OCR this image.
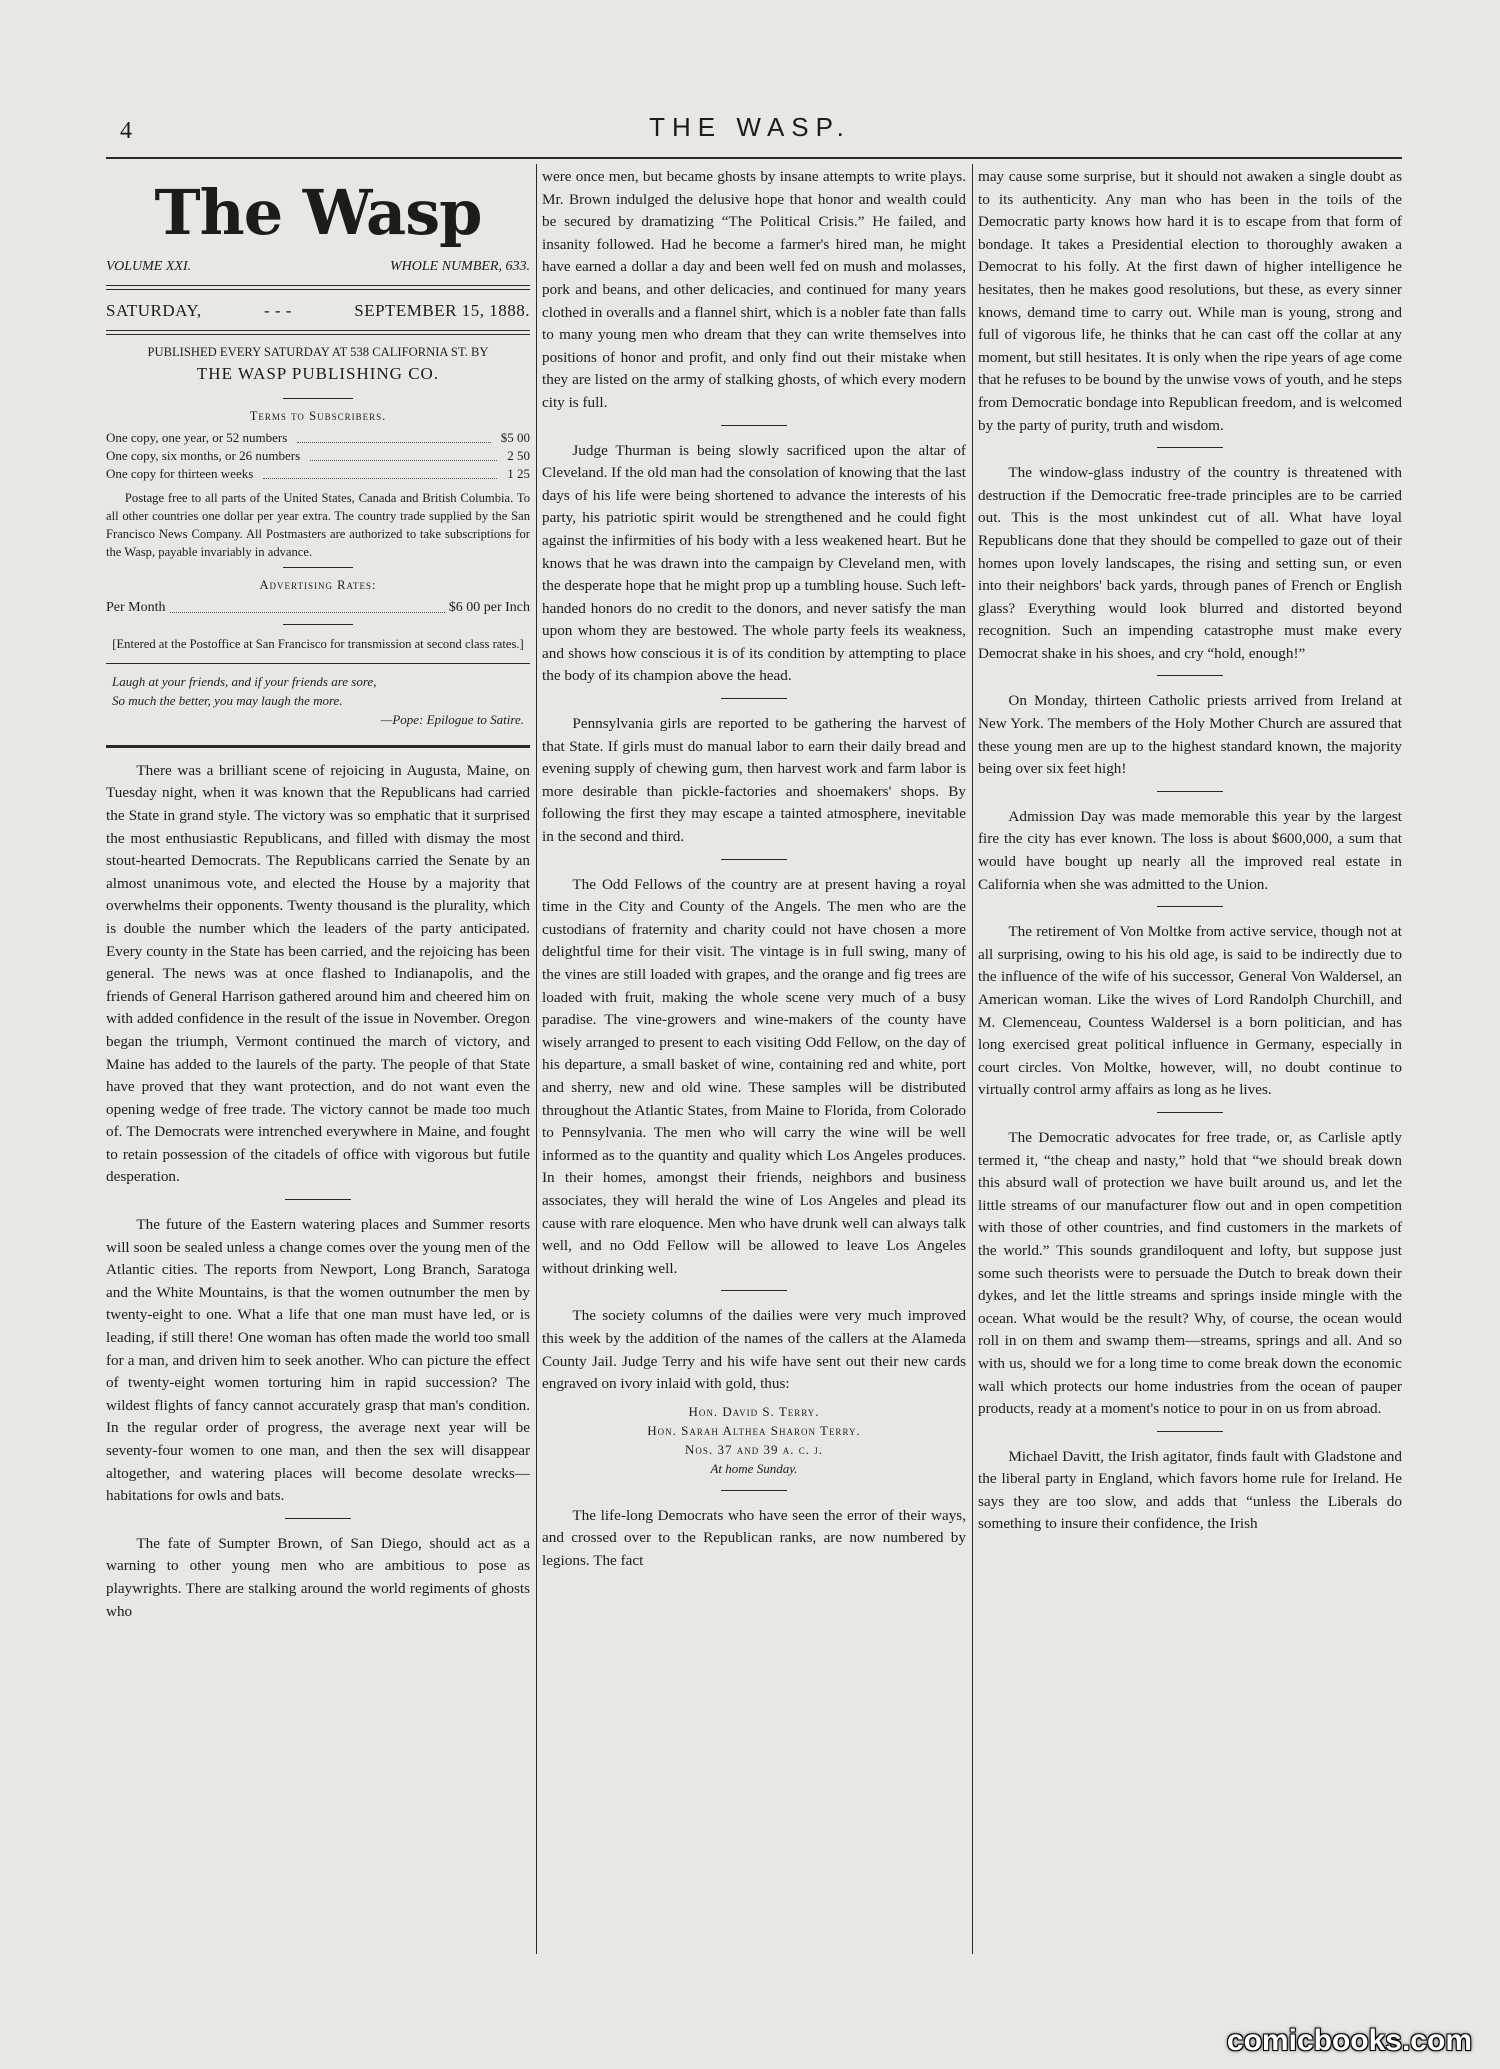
4	THE WASP.
The Wasp
VOLUME XXI.	WHOLE NUMBER, 633.
SATURDAY,	- - -	SEPTEMBER 15, 1888.
PUBLISHED EVERY SATURDAY AT 538 CALIFORNIA ST. BY
THE WASP PUBLISHING CO.
Terms to Subscribers.
One copy, one year, or 52 numbers	$5 00
One copy, six months, or 26 numbers	2 50
One copy for thirteen weeks	1 25
Postage free to all parts of the United States, Canada and British Columbia. To all other countries one dollar per year extra. The country trade supplied by the San Francisco News Company. All Postmasters are authorized to take subscriptions for the Wasp, payable invariably in advance.
Advertising Rates:
Per Month	$6 00 per Inch
[Entered at the Postoffice at San Francisco for transmission at second class rates.]
Laugh at your friends, and if your friends are sore,
So much the better, you may laugh the more.
—Pope: Epilogue to Satire.

There was a brilliant scene of rejoicing in Augusta, Maine, on Tuesday night, when it was known that the Republicans had carried the State in grand style. The victory was so emphatic that it surprised the most enthusiastic Republicans, and filled with dismay the most stout-hearted Democrats. The Republicans carried the Senate by an almost unanimous vote, and elected the House by a majority that overwhelms their opponents. Twenty thousand is the plurality, which is double the number which the leaders of the party anticipated. Every county in the State has been carried, and the rejoicing has been general. The news was at once flashed to Indianapolis, and the friends of General Harrison gathered around him and cheered him on with added confidence in the result of the issue in November. Oregon began the triumph, Vermont continued the march of victory, and Maine has added to the laurels of the party. The people of that State have proved that they want protection, and do not want even the opening wedge of free trade. The victory cannot be made too much of. The Democrats were intrenched everywhere in Maine, and fought to retain possession of the citadels of office with vigorous but futile desperation.

The future of the Eastern watering places and Summer resorts will soon be sealed unless a change comes over the young men of the Atlantic cities. The reports from Newport, Long Branch, Saratoga and the White Mountains, is that the women outnumber the men by twenty-eight to one. What a life that one man must have led, or is leading, if still there! One woman has often made the world too small for a man, and driven him to seek another. Who can picture the effect of twenty-eight women torturing him in rapid succession? The wildest flights of fancy cannot accurately grasp that man's condition. In the regular order of progress, the average next year will be seventy-four women to one man, and then the sex will disappear altogether, and watering places will become desolate wrecks—habitations for owls and bats.

The fate of Sumpter Brown, of San Diego, should act as a warning to other young men who are ambitious to pose as playwrights. There are stalking around the world regiments of ghosts who

were once men, but became ghosts by insane attempts to write plays. Mr. Brown indulged the delusive hope that honor and wealth could be secured by dramatizing “The Political Crisis.” He failed, and insanity followed. Had he become a farmer's hired man, he might have earned a dollar a day and been well fed on mush and molasses, pork and beans, and other delicacies, and continued for many years clothed in overalls and a flannel shirt, which is a nobler fate than falls to many young men who dream that they can write themselves into positions of honor and profit, and only find out their mistake when they are listed on the army of stalking ghosts, of which every modern city is full.

Judge Thurman is being slowly sacrificed upon the altar of Cleveland. If the old man had the consolation of knowing that the last days of his life were being shortened to advance the interests of his party, his patriotic spirit would be strengthened and he could fight against the infirmities of his body with a less weakened heart. But he knows that he was drawn into the campaign by Cleveland men, with the desperate hope that he might prop up a tumbling house. Such left-handed honors do no credit to the donors, and never satisfy the man upon whom they are bestowed. The whole party feels its weakness, and shows how conscious it is of its condition by attempting to place the body of its champion above the head.

Pennsylvania girls are reported to be gathering the harvest of that State. If girls must do manual labor to earn their daily bread and evening supply of chewing gum, then harvest work and farm labor is more desirable than pickle-factories and shoemakers' shops. By following the first they may escape a tainted atmosphere, inevitable in the second and third.

The Odd Fellows of the country are at present having a royal time in the City and County of the Angels. The men who are the custodians of fraternity and charity could not have chosen a more delightful time for their visit. The vintage is in full swing, many of the vines are still loaded with grapes, and the orange and fig trees are loaded with fruit, making the whole scene very much of a busy paradise. The vine-growers and wine-makers of the county have wisely arranged to present to each visiting Odd Fellow, on the day of his departure, a small basket of wine, containing red and white, port and sherry, new and old wine. These samples will be distributed throughout the Atlantic States, from Maine to Florida, from Colorado to Pennsylvania. The men who will carry the wine will be well informed as to the quantity and quality which Los Angeles produces. In their homes, amongst their friends, neighbors and business associates, they will herald the wine of Los Angeles and plead its cause with rare eloquence. Men who have drunk well can always talk well, and no Odd Fellow will be allowed to leave Los Angeles without drinking well.

The society columns of the dailies were very much improved this week by the addition of the names of the callers at the Alameda County Jail. Judge Terry and his wife have sent out their new cards engraved on ivory inlaid with gold, thus:

Hon. David S. Terry.
Hon. Sarah Althea Sharon Terry.
Nos. 37 and 39 a. c. j.
At home Sunday.

The life-long Democrats who have seen the error of their ways, and crossed over to the Republican ranks, are now numbered by legions. The fact

may cause some surprise, but it should not awaken a single doubt as to its authenticity. Any man who has been in the toils of the Democratic party knows how hard it is to escape from that form of bondage. It takes a Presidential election to thoroughly awaken a Democrat to his folly. At the first dawn of higher intelligence he hesitates, then he makes good resolutions, but these, as every sinner knows, demand time to carry out. While man is young, strong and full of vigorous life, he thinks that he can cast off the collar at any moment, but still hesitates. It is only when the ripe years of age come that he refuses to be bound by the unwise vows of youth, and he steps from Democratic bondage into Republican freedom, and is welcomed by the party of purity, truth and wisdom.

The window-glass industry of the country is threatened with destruction if the Democratic free-trade principles are to be carried out. This is the most unkindest cut of all. What have loyal Republicans done that they should be compelled to gaze out of their homes upon lovely landscapes, the rising and setting sun, or even into their neighbors' back yards, through panes of French or English glass? Everything would look blurred and distorted beyond recognition. Such an impending catastrophe must make every Democrat shake in his shoes, and cry “hold, enough!”

On Monday, thirteen Catholic priests arrived from Ireland at New York. The members of the Holy Mother Church are assured that these young men are up to the highest standard known, the majority being over six feet high!

Admission Day was made memorable this year by the largest fire the city has ever known. The loss is about $600,000, a sum that would have bought up nearly all the improved real estate in California when she was admitted to the Union.

The retirement of Von Moltke from active service, though not at all surprising, owing to his his old age, is said to be indirectly due to the influence of the wife of his successor, General Von Waldersel, an American woman. Like the wives of Lord Randolph Churchill, and M. Clemenceau, Countess Waldersel is a born politician, and has long exercised great political influence in Germany, especially in court circles. Von Moltke, however, will, no doubt continue to virtually control army affairs as long as he lives.

The Democratic advocates for free trade, or, as Carlisle aptly termed it, “the cheap and nasty,” hold that “we should break down this absurd wall of protection we have built around us, and let the little streams of our manufacturer flow out and in open competition with those of other countries, and find customers in the markets of the world.” This sounds grandiloquent and lofty, but suppose just some such theorists were to persuade the Dutch to break down their dykes, and let the little streams and springs inside mingle with the ocean. What would be the result? Why, of course, the ocean would roll in on them and swamp them—streams, springs and all. And so with us, should we for a long time to come break down the economic wall which protects our home industries from the ocean of pauper products, ready at a moment's notice to pour in on us from abroad.

Michael Davitt, the Irish agitator, finds fault with Gladstone and the liberal party in England, which favors home rule for Ireland. He says they are too slow, and adds that “unless the Liberals do something to insure their confidence, the Irish

comicbooks.com
